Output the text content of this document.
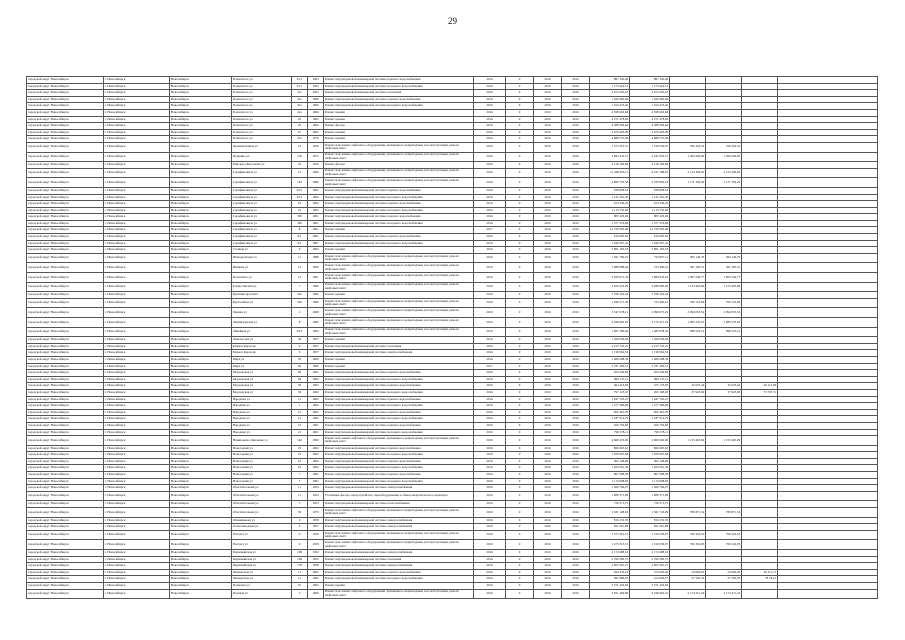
29
городской округ Новосибирск	г. Новосибирск	Новосибирск	Плахотного ул	25/1	1963	Ремонт внутридомовой инженерной системы горячего водоснабжения	2016	0	2016	2016	897 345,00	897 345,00				
городской округ Новосибирск	г. Новосибирск	Новосибирск	Плахотного ул	25/1	1963	Ремонт внутридомовой инженерной системы холодного водоснабжения	2016	0	2016	2016	1 173 414,51	1 173 414,51				
городской округ Новосибирск	г. Новосибирск	Новосибирск	Плахотного ул	31а	1963	Ремонт внутридомовой инженерной системы отопления	2016	0	2016	2016	4 453 265,67	4 453 265,67				
городской округ Новосибирск	г. Новосибирск	Новосибирск	Плахотного ул	41а	1966	Ремонт внутридомовой инженерной системы горячего водоснабжения	2016	0	2016	2016	1 026 400,06	1 026 400,06				
городской округ Новосибирск	г. Новосибирск	Новосибирск	Плахотного ул	41а	1966	Ремонт внутридомовой инженерной системы холодного водоснабжения	2016	0	2016	2016	1 254 473,42	1 254 473,42				
городской округ Новосибирск	г. Новосибирск	Новосибирск	Плахотного ул	41а	1966	Ремонт крыши	2016	0	2016	2016	4 398 663,66	4 398 663,66				
городской округ Новосибирск	г. Новосибирск	Новосибирск	Плахотного ул	45	1962	Ремонт крыши	2016	0	2016	2016	4 271 478,06	4 271 478,06				
городской округ Новосибирск	г. Новосибирск	Новосибирск	Плахотного ул	45	1962	Ремонт фасада	2016	0	2016	2016	4 388 364,64	4 388 364,64				
городской округ Новосибирск	г. Новосибирск	Новосибирск	Плахотного ул	47	1962	Ремонт крыши	2016	0	2016	2016	4 476 493,09	4 476 493,09				
городской округ Новосибирск	г. Новосибирск	Новосибирск	Плахотного ул	47а	1976	Ремонт крыши	2016	0	2016	2016	4 986 537,46	4 986 537,46				
городской округ Новосибирск	г. Новосибирск	Новосибирск	Промышленная ул	23	1959	Ремонт или замена лифтового оборудования, признанного непригодным для эксплуатации, ремонт лифтовых шахт	2016	0	2016	2016	1 573 312,51	1 516 030,07	766 324,52	766 324,52		
городской округ Новосибирск	г. Новосибирск	Новосибирск	Пушкина ул	150	1975	Ремонт или замена лифтового оборудования, признанного непригодным для эксплуатации, ремонт лифтовых шахт	2016	0	2016	2016	3 093 432,51	2 347 050,51	1 369 200,00	1 369 200,00		
городской округ Новосибирск	г. Новосибирск	Новосибирск	Римского-Корсакова ул	2а	1956	Ремонт фасада	2016	0	2016	2016	4 218 166,86	4 218 166,86				
городской округ Новосибирск	г. Новосибирск	Новосибирск	Серафимовича ул	12	1969	Ремонт или замена лифтового оборудования, признанного непригодным для эксплуатации, ремонт лифтовых шахт	2016	0	2016	2016	11 448 305,11	6 247 188,05	2 123 396,02	2 123 396,02		
городской округ Новосибирск	г. Новосибирск	Новосибирск	Серафимовича ул	163	1986	Ремонт или замена лифтового оборудования, признанного непригодным для эксплуатации, ремонт лифтовых шахт	2016	0	2016	2016	4 869 703,58	2 783 862,18	1 171 356,20	1 171 356,20		
городской округ Новосибирск	г. Новосибирск	Новосибирск	Серафимовича ул	26/1	1962	Ремонт внутридомовой инженерной системы горячего водоснабжения	2016	0	2016	2016	918 858,54	918 858,54				
городской округ Новосибирск	г. Новосибирск	Новосибирск	Серафимовича ул	26/1	1962	Ремонт внутридомовой инженерной системы холодного водоснабжения	2016	0	2016	2016	1 121 591,45	1 121 591,45				
городской округ Новосибирск	г. Новосибирск	Новосибирск	Серафимовича ул	22	1962	Ремонт внутридомовой инженерной системы горячего водоснабжения	2016	0	2016	2016	913 236,26	913 236,26				
городской округ Новосибирск	г. Новосибирск	Новосибирск	Серафимовича ул	22	1962	Ремонт внутридомовой инженерной системы холодного водоснабжения	2016	0	2016	2016	1 115 750,66	1 115 750,66				
городской округ Новосибирск	г. Новосибирск	Новосибирск	Серафимовича ул	30б	1961	Ремонт внутридомовой инженерной системы горячего водоснабжения	2016	0	2016	2016	805 326,06	805 326,06				
городской округ Новосибирск	г. Новосибирск	Новосибирск	Серафимовича ул	30б	1961	Ремонт внутридомовой инженерной системы холодного водоснабжения	2016	0	2016	2016	1 377 279,06	1 377 279,06				
городской округ Новосибирск	г. Новосибирск	Новосибирск	Серафимовича ул	8	1961	Ремонт крыши	2017	0	2016	2016	14 720 563,49	14 720 563,49				
городской округ Новосибирск	г. Новосибирск	Новосибирск	Серафимовича ул	8/1	1961	Ремонт внутридомовой инженерной системы горячего водоснабжения	2016	0	2016	2016	616 083,62	616 083,62				
городской округ Новосибирск	г. Новосибирск	Новосибирск	Серафимовича ул	8/1	1961	Ремонт внутридомовой инженерной системы холодного водоснабжения	2016	0	2016	2016	1 046 267,41	1 046 267,41				
городской округ Новосибирск	г. Новосибирск	Новосибирск	Степная ул	9	1962	Ремонт крыши	2016	0	2016	2016	5 861 165,53	5 861 165,53				
городской округ Новосибирск	г. Новосибирск	Новосибирск	Ипподромская ул	11	1988	Ремонт или замена лифтового оборудования, признанного непригодным для эксплуатации, ремонт лифтовых шахт	2016	0	2016	2016	1 561 799,01	723 807,11	300 146,79	300 146,79		
городской округ Новосибирск	г. Новосибирск	Новосибирск	Иванова ул	13	1969	Ремонт или замена лифтового оборудования, признанного непригодным для эксплуатации, ремонт лифтовых шахт	2016	0	2016	2016	1 986 988,64	723 409,61	361 295,31	361 295,31		
городской округ Новосибирск	г. Новосибирск	Новосибирск	Котовского ул	13	1961	Ремонт или замена лифтового оборудования, признанного непригодным для эксплуатации, ремонт лифтовых шахт	2016	0	2016	2016	3 029 971,36	1 984 645,65	1 065 549,77	1 065 549,77		
городской округ Новосибирск	г. Новосибирск	Новосибирск	Клары Цеткин ул	7	1969	Ремонт или замена лифтового оборудования, признанного непригодным для эксплуатации, ремонт лифтовых шахт	2016	0	2016	2016	4 659 476,09	2 289 980,00	1 153 463,99	1 153 463,99		
городской округ Новосибирск	г. Новосибирск	Новосибирск	Красный проспект	24а	1960	Ремонт крыши	2016	0	2016	2016	3 708 162,44	3 708 162,44				
городской округ Новосибирск	г. Новосибирск	Новосибирск	Кропоткина ул	430	1969	Ремонт или замена лифтового оборудования, признанного непригодным для эксплуатации, ремонт лифтовых шахт	2016	0	2016	2016	1 296 571,36	723 460,61	356 722,84	356 722,84		
городской округ Новосибирск	г. Новосибирск	Новосибирск	Ленина ул	2	1969	Ремонт или замена лифтового оборудования, признанного непригодным для эксплуатации, ремонт лифтовых шахт	2016	0	2016	2016	3 547 038,11	2 099 075,22	2 094 053,52	2 094 053,52		
городской округ Новосибирск	г. Новосибирск	Новосибирск	Ленинградская ул	8	1969	Ремонт или замена лифтового оборудования, признанного непригодным для эксплуатации, ремонт лифтовых шахт	2016	0	2016	2016	4 348 962,20	2 170 471,26	1 085 235,63	1 085 235,63		
городской округ Новосибирск	г. Новосибирск	Новосибирск	Линейная ул	29/1	1962	Ремонт или замена лифтового оборудования, признанного непригодным для эксплуатации, ремонт лифтовых шахт	2016	0	2016	2016	1 661 289,66	1 485 058,36	998 523,14	998 523,14		
городской округ Новосибирск	г. Новосибирск	Новосибирск	Ломоносова ул	56	1957	Ремонт крыши	2016	0	2016	2016	1 569 030,04	1 569 030,04				
городской округ Новосибирск	г. Новосибирск	Новосибирск	Маркса Карла пр	9	1957	Ремонт внутридомовой инженерной системы отопления	2016	0	2016	2016	2 215 741,21	2 215 741,21				
городской округ Новосибирск	г. Новосибирск	Новосибирск	Маркса Карла пр	9	1957	Ремонт внутридомовой инженерной системы электроснабжения	2016	0	2016	2016	1 748 062,53	1 748 062,53				
городской округ Новосибирск	г. Новосибирск	Новосибирск	Мира ул	18	1969	Ремонт крыши	2016	0	2016	2016	1 669 208,36	1 669 208,36				
городской округ Новосибирск	г. Новосибирск	Новосибирск	Мира ул	26	1969	Ремонт крыши	2017	0	2016	2016	2 781 283,31	2 781 283,31				
городской округ Новосибирск	г. Новосибирск	Новосибирск	Мордовская ул	69	1962	Ремонт внутридомовой инженерной системы горячего водоснабжения	2016	0	2016	2016	655 640,85	655 640,85				
городской округ Новосибирск	г. Новосибирск	Новосибирск	Мордовская ул	69	1962	Ремонт внутридомовой инженерной системы холодного водоснабжения	2016	0	2016	2016	800 137,11	800 137,11				
городской округ Новосибирск	г. Новосибирск	Новосибирск	Мордовская ул	56	1962	Ремонт внутридомовой инженерной системы горячего водоснабжения	2016	0	2016	2016	664 416,96	475 176,95	32 676,44	32 676,44	49 113,09	
городской округ Новосибирск	г. Новосибирск	Новосибирск	Мордовская ул	56	1962	Ремонт внутридомовой инженерной системы холодного водоснабжения	2016	0	2016	2016	797 123,47	493 168,65	37 923,90	37 923,90	73 797,71	
городской округ Новосибирск	г. Новосибирск	Новосибирск	Народная ул	11	1962	Ремонт внутридомовой инженерной системы горячего водоснабжения	2016	0	2016	2016	1 047 763,27	1 047 763,27				
городской округ Новосибирск	г. Новосибирск	Новосибирск	Народная ул	1	1962	Ремонт внутридомовой инженерной системы холодного водоснабжения	2016	0	2016	2016	1 277 466,80	1 277 466,80				
городской округ Новосибирск	г. Новосибирск	Новосибирск	Народная ул	1/1	1962	Ремонт внутридомовой инженерной системы горячего водоснабжения	2016	0	2016	2016	965 491,03	965 491,03				
городской округ Новосибирск	г. Новосибирск	Новосибирск	Народная ул	1/1	1962	Ремонт внутридомовой инженерной системы холодного водоснабжения	2016	0	2016	2016	1 187 514,79	1 187 514,79				
городской округ Новосибирск	г. Новосибирск	Новосибирск	Народная ул	21	1961	Ремонт внутридомовой инженерной системы горячего водоснабжения	2016	0	2016	2016	656 759,60	656 759,60				
городской округ Новосибирск	г. Новосибирск	Новосибирск	Народная ул	21	1961	Ремонт внутридомовой инженерной системы холодного водоснабжения	2016	0	2016	2016	799 578,11	799 578,11				
городской округ Новосибирск	г. Новосибирск	Новосибирск	Немировича-Данченко ул	146	1990	Ремонт или замена лифтового оборудования, признанного непригодным для эксплуатации, ремонт лифтовых шахт	2016	0	2016	2016	4 669 476,09	2 900 000,00	1 153 463,99	1 153 463,99		
городской округ Новосибирск	г. Новосибирск	Новосибирск	Новогодняя ул	25	1962	Ремонт внутридомовой инженерной системы горячего водоснабжения	2016	0	2016	2016	866 605,61	866 605,61				
городской округ Новосибирск	г. Новосибирск	Новосибирск	Новогодняя ул	25	1962	Ремонт внутридомовой инженерной системы холодного водоснабжения	2016	0	2016	2016	1 058 905,08	1 058 905,08				
городской округ Новосибирск	г. Новосибирск	Новосибирск	Новогодняя ул	22	1962	Ремонт внутридомовой инженерной системы горячего водоснабжения	2016	0	2016	2016	902 128,06	902 128,06				
городской округ Новосибирск	г. Новосибирск	Новосибирск	Новогодняя ул	22	1962	Ремонт внутридомовой инженерной системы холодного водоснабжения	2016	0	2016	2016	1 204 561,36	1 204 561,36				
городской округ Новосибирск	г. Новосибирск	Новосибирск	Новогодняя ул	7	1961	Ремонт внутридомовой инженерной системы горячего водоснабжения	2016	0	2016	2016	807 008,36	807 008,36				
городской округ Новосибирск	г. Новосибирск	Новосибирск	Новогодняя ул	7	1961	Ремонт внутридомовой инженерной системы холодного водоснабжения	2016	0	2016	2016	1 113 968,84	1 113 968,84				
городской округ Новосибирск	г. Новосибирск	Новосибирск	Обогатительная ул	11	1954	Ремонт внутридомовой инженерной системы электроснабжения	2016	0	2016	2016	1 509 766,07	1 509 766,07				
городской округ Новосибирск	г. Новосибирск	Новосибирск	Обогатительная ул	11	1954	Утепление фасада, переустройство, переоборудование и обмен энергетического характера	2016	0	2016	2016	1 089 371,09	1 089 371,09				
городской округ Новосибирск	г. Новосибирск	Новосибирск	Обогатительная ул	5	1953	Ремонт внутридомовой инженерной системы теплоснабжения	2016	0	2016	2016	729 571,72	729 571,72				
городской округ Новосибирск	г. Новосибирск	Новосибирск	Обогатительная ул	39	1973	Ремонт или замена лифтового оборудования, признанного непригодным для эксплуатации, ремонт лифтовых шахт	2016	0	2016	2016	1 631 168,63	1 561 743,09	780 871,54	780 871,54		
городской округ Новосибирск	г. Новосибирск	Новосибирск	Овчинникова ул	6	1958	Ремонт внутридомовой инженерной системы электроснабжения	2016	0	2016	2016	816 232,35	816 232,35				
городской округ Новосибирск	г. Новосибирск	Новосибирск	Оловозаводская ул	4	1957	Ремонт внутридомовой инженерной системы электроснабжения	2016	0	2016	2016	951 661,89	951 661,89				
городской округ Новосибирск	г. Новосибирск	Новосибирск	Палласа ул	9	1959	Ремонт или замена лифтового оборудования, признанного непригодным для эксплуатации, ремонт лифтовых шахт	2016	0	2016	2016	1 573 312,51	1 516 030,07	766 324,52	766 324,52		
городской округ Новосибирск	г. Новосибирск	Новосибирск	Палласа ул	9	1959	Ремонт или замена лифтового оборудования, признанного непригодным для эксплуатации, ремонт лифтовых шахт	2016	0	2016	2016	1 473 313,51	1 516 030,07	766 324,93	766 324,93		
городской округ Новосибирск	г. Новосибирск	Новосибирск	Первомайская ул	168	1952	Ремонт внутридомовой инженерной системы электроснабжения	2016	0	2016	2016	2 172 688,01	2 172 688,01				
городской округ Новосибирск	г. Новосибирск	Новосибирск	Первомайская ул	168	1952	Ремонт внутридомовой инженерной системы отопления	2016	0	2016	2016	2 769 590,75	2 769 590,75				
городской округ Новосибирск	г. Новосибирск	Новосибирск	Первомайская ул	178	1958	Ремонт внутридомовой инженерной системы электроснабжения	2016	0	2016	2016	3 903 361,27	3 903 361,27				
городской округ Новосибирск	г. Новосибирск	Новосибирск	Пионерская ул	11	1962	Ремонт внутридомовой инженерной системы горячего водоснабжения	2016	0	2016	2016	924 476,14	374 626,64	24 696,63	24 696,63	49 311,71	
городской округ Новосибирск	г. Новосибирск	Новосибирск	Пионерская ул	11	1962	Ремонт внутридомовой инженерной системы холодного водоснабжения	2016	0	2016	2016	961 896,91	414 659,57	27 592,32	27 592,32	78 794,1	
городской округ Новосибирск	г. Новосибирск	Новосибирск	Полковая ул	47	1962	Ремонт крыши	2016	0	2016	2016	3 371 432,66	3 371 432,66				
городской округ Новосибирск	г. Новосибирск	Новосибирск	Полевая ул	3	1969	Ремонт или замена лифтового оборудования, признанного непригодным для эксплуатации, ремонт лифтовых шахт	2016	0	2016	2016	5 651 409,89	4 348 962,21	2 174 471,24	2 174 471,24		
